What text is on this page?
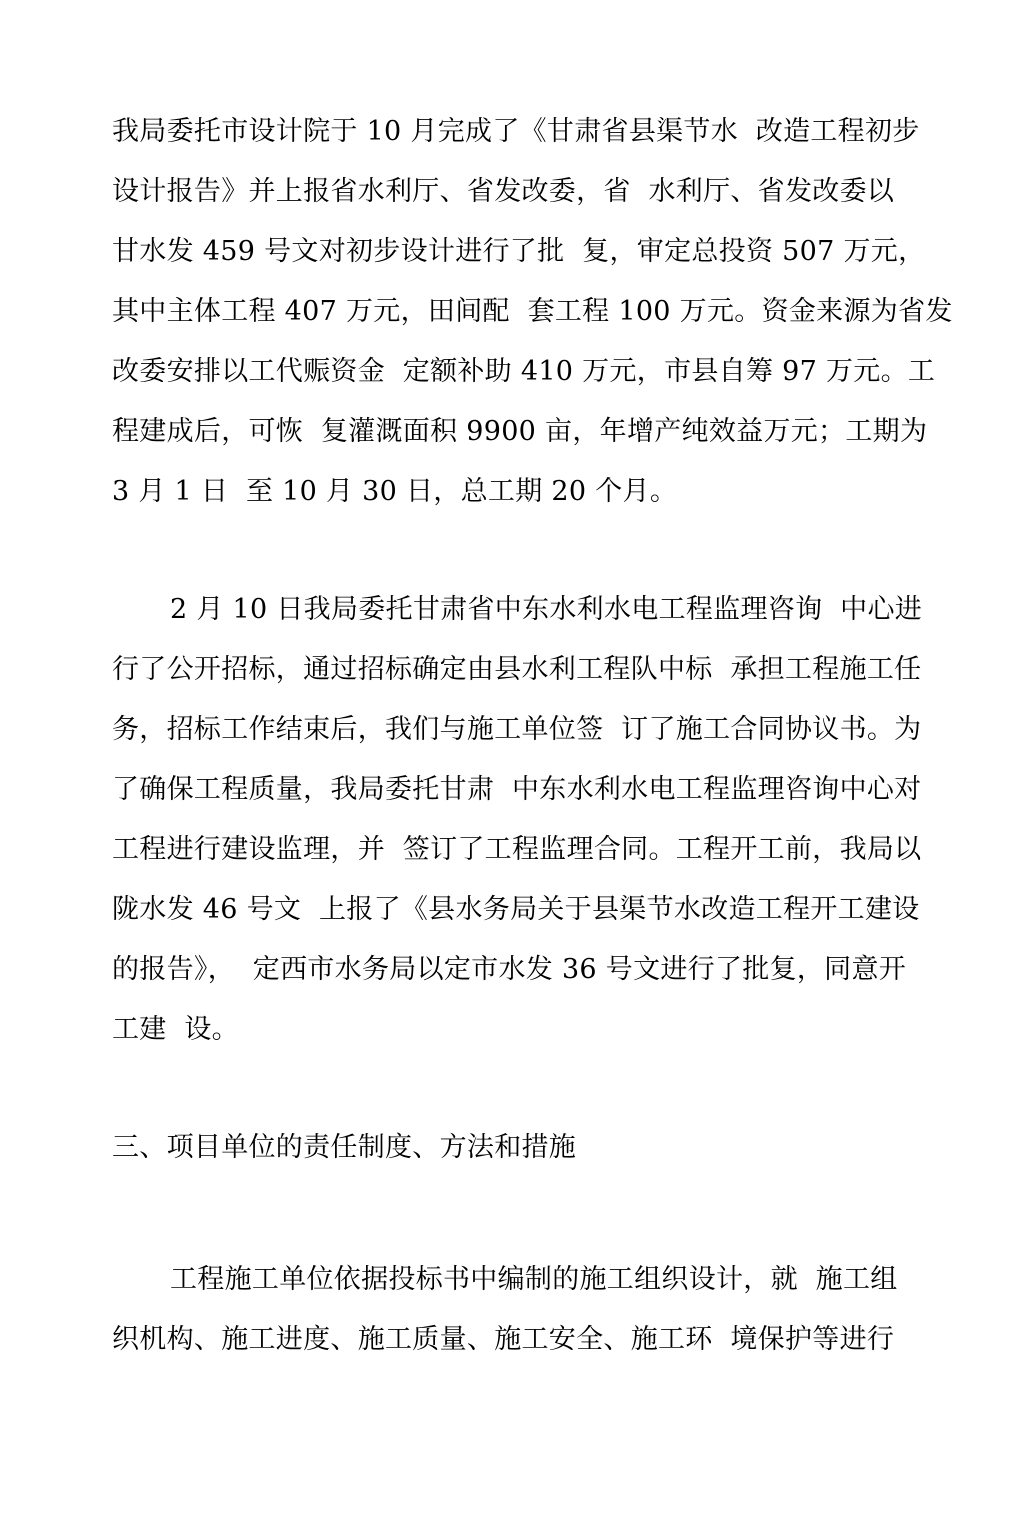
我局委托市设计院于 10 月完成了《甘肃省县渠节水  改造工程初步
设计报告》并上报省水利厅、省发改委，省  水利厅、省发改委以
甘水发 459 号文对初步设计进行了批  复，审定总投资 507 万元，
其中主体工程 407 万元，田间配  套工程 100 万元。资金来源为省发
改委安排以工代赈资金  定额补助 410 万元，市县自筹 97 万元。工
程建成后，可恢  复灌溉面积 9900 亩，年增产纯效益万元；工期为
3 月 1 日  至 10 月 30 日，总工期 20 个月。
2 月 10 日我局委托甘肃省中东水利水电工程监理咨询  中心进
行了公开招标，通过招标确定由县水利工程队中标  承担工程施工任
务，招标工作结束后，我们与施工单位签  订了施工合同协议书。为
了确保工程质量，我局委托甘肃  中东水利水电工程监理咨询中心对
工程进行建设监理，并  签订了工程监理合同。工程开工前，我局以
陇水发 46 号文  上报了《县水务局关于县渠节水改造工程开工建设
的报告》，  定西市水务局以定市水发 36 号文进行了批复，同意开
工建  设。
三、项目单位的责任制度、方法和措施
工程施工单位依据投标书中编制的施工组织设计，就  施工组
织机构、施工进度、施工质量、施工安全、施工环  境保护等进行
